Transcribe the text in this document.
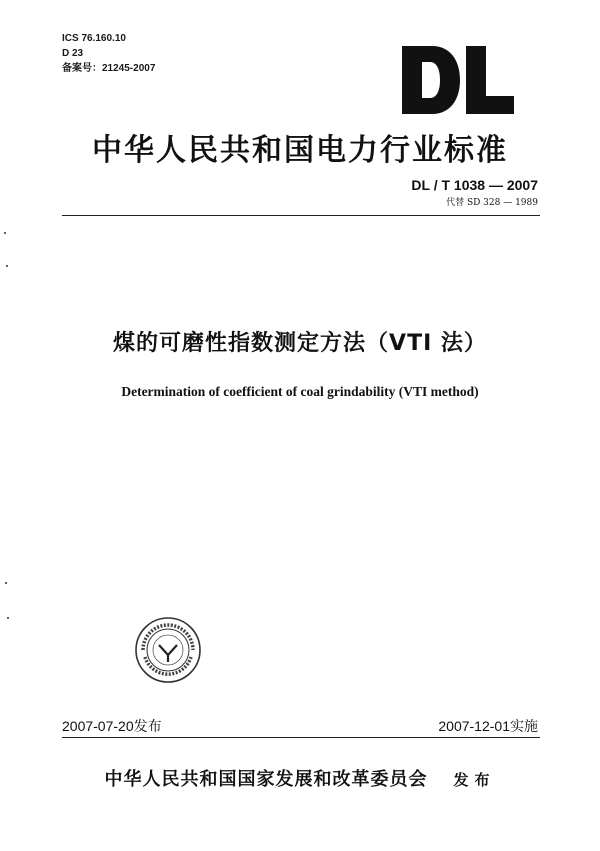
ICS 76.160.10
D 23
备案号：21245-2007
中华人民共和国电力行业标准
DL / T 1038 — 2007
代替 SD 328 — 1989
煤的可磨性指数测定方法（VTI 法）
Determination of coefficient of coal grindability (VTI method)
2007-07-20发布	2007-12-01实施
中华人民共和国国家发展和改革委员会 发布
